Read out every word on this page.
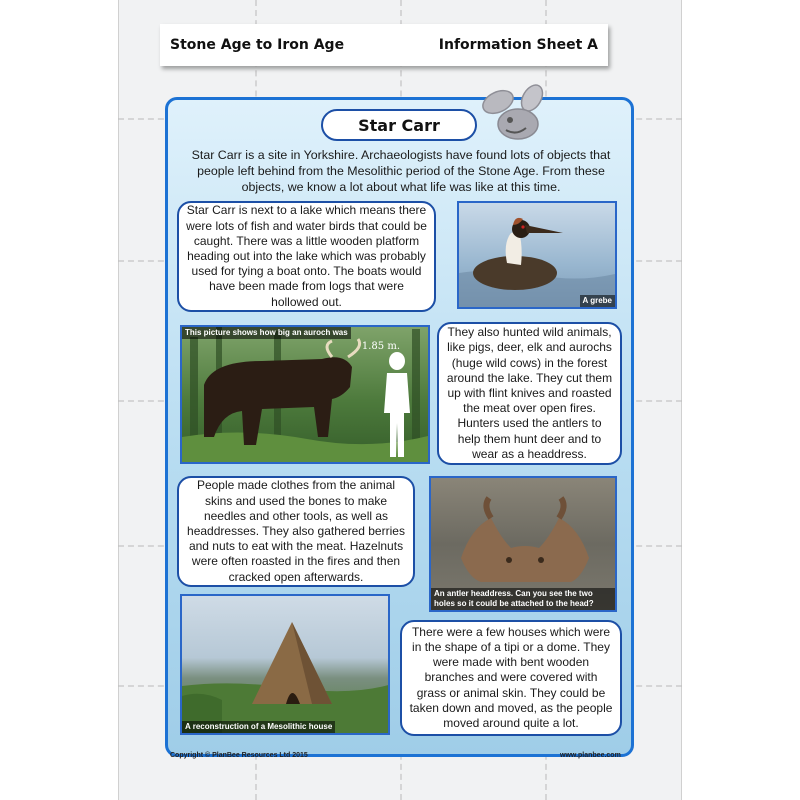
Stone Age to Iron Age	Information Sheet A
Star Carr
Star Carr is a site in Yorkshire. Archaeologists have found lots of objects that people left behind from the Mesolithic period of the Stone Age. From these objects, we know a lot about what life was like at this time.
Star Carr is next to a lake which means there were lots of fish and water birds that could be caught. There was a little wooden platform heading out into the lake which was probably used for tying a boat onto. The boats would have been made from logs that were hollowed out.	A grebe
This picture shows how big an auroch was
1.85 m.
They also hunted wild animals, like pigs, deer, elk and aurochs (huge wild cows) in the forest around the lake. They cut them up with flint knives and roasted the meat over open fires. Hunters used the antlers to help them hunt deer and to wear as a headdress.
People made clothes from the animal skins and used the bones to make needles and other tools, as well as headdresses. They also gathered berries and nuts to eat with the meat. Hazelnuts were often roasted in the fires and then cracked open afterwards.
An antler headdress. Can you see the two holes so it could be attached to the head?
A reconstruction of a Mesolithic house
There were a few houses which were in the shape of a tipi or a dome. They were made with bent wooden branches and were covered with grass or animal skin. They could be taken down and moved, as the people moved around quite a lot.
Copyright © PlanBee Resources Ltd 2015	www.planbee.com
